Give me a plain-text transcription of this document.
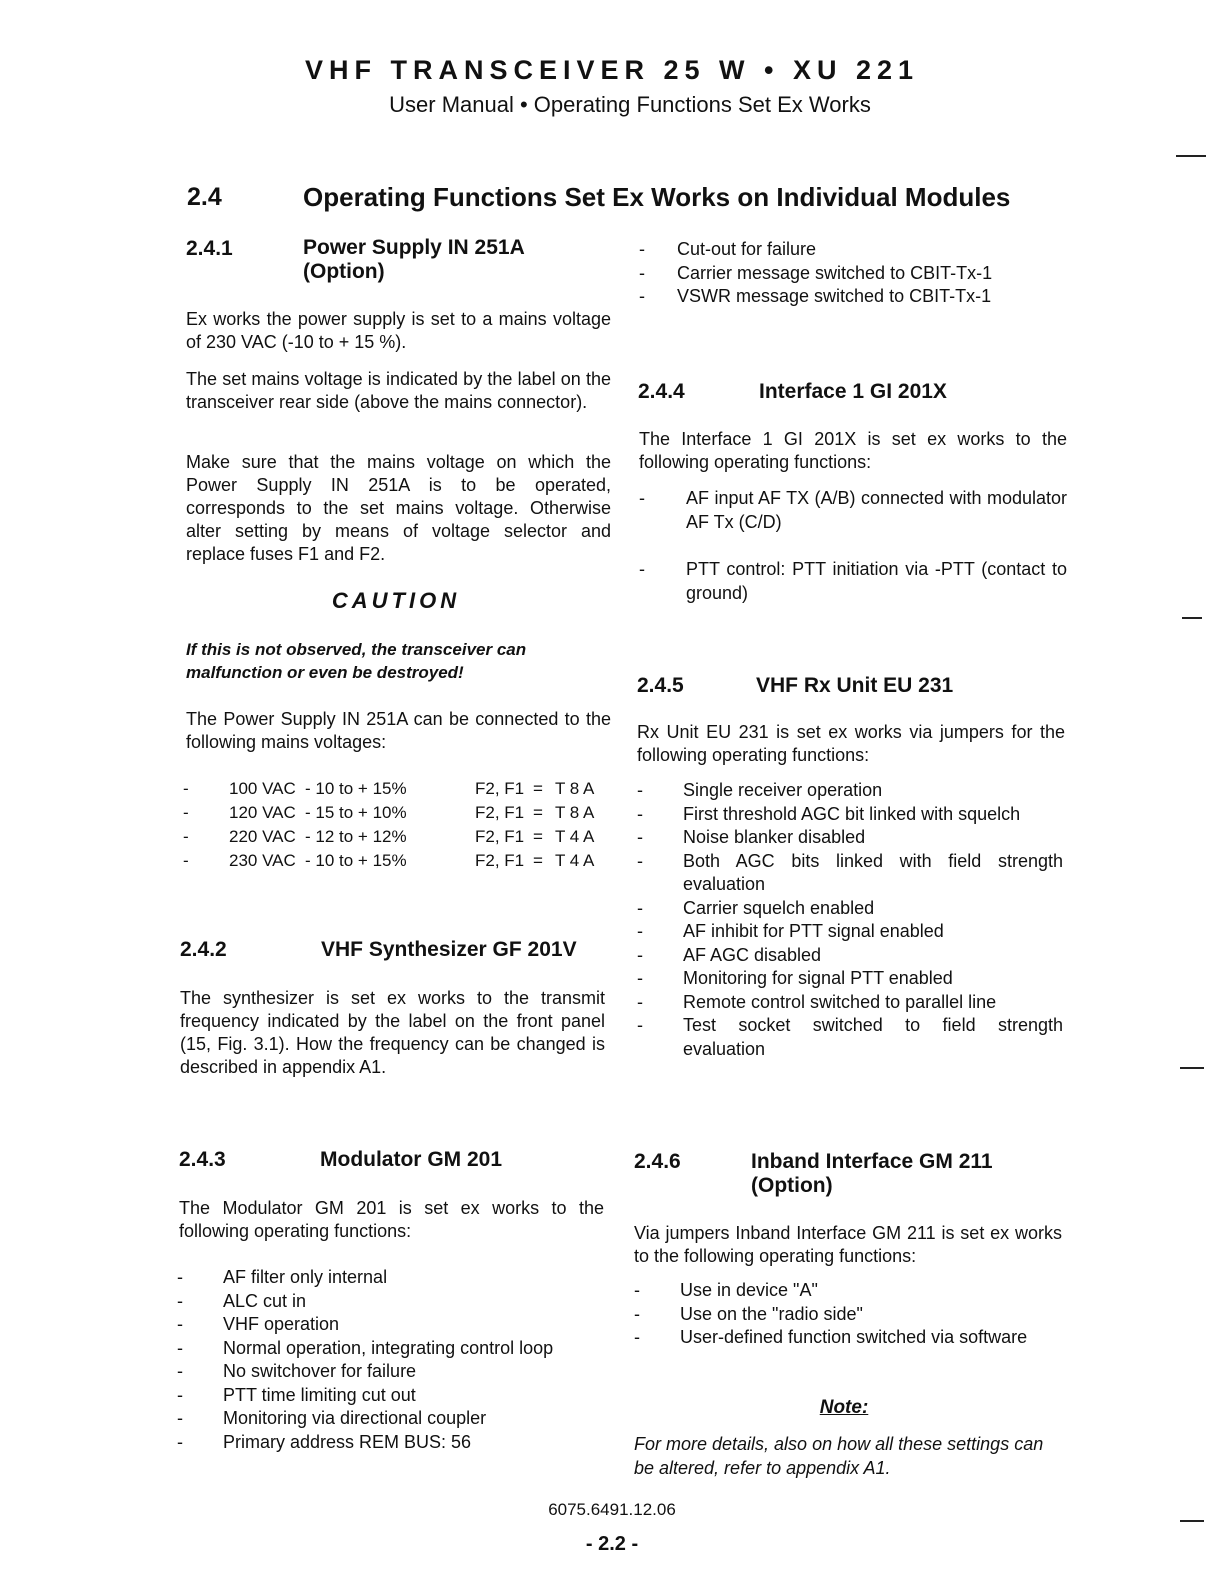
VHF TRANSCEIVER 25 W • XU 221
User Manual • Operating Functions Set Ex Works
2.4	Operating Functions Set Ex Works on Individual Modules
2.4.1	Power Supply IN 251A
(Option)
Ex works the power supply is set to a mains voltage of 230 VAC (-10 to + 15 %).
The set mains voltage is indicated by the label on the transceiver rear side (above the mains connector).
Make sure that the mains voltage on which the Power Supply IN 251A is to be operated, corresponds to the set mains voltage. Otherwise alter setting by means of voltage selector and replace fuses F1 and F2.
CAUTION
If this is not observed, the transceiver can malfunction or even be destroyed!
The Power Supply IN 251A can be connected to the following mains voltages:
-	100 VAC	- 10 to + 15%	F2, F1	=	T 8 A
-	120 VAC	- 15 to + 10%	F2, F1	=	T 8 A
-	220 VAC	- 12 to + 12%	F2, F1	=	T 4 A
-	230 VAC	- 10 to + 15%	F2, F1	=	T 4 A
2.4.2	VHF Synthesizer GF 201V
The synthesizer is set ex works to the transmit frequency indicated by the label on the front panel (15, Fig. 3.1). How the frequency can be changed is described in appendix A1.
2.4.3	Modulator GM 201
The Modulator GM 201 is set ex works to the following operating functions:
- AF filter only internal
- ALC cut in
- VHF operation
- Normal operation, integrating control loop
- No switchover for failure
- PTT time limiting cut out
- Monitoring via directional coupler
- Primary address REM BUS: 56
- Cut-out for failure
- Carrier message switched to CBIT-Tx-1
- VSWR message switched to CBIT-Tx-1
2.4.4	Interface 1 GI 201X
The Interface 1 GI 201X is set ex works to the following operating functions:
- AF input AF TX (A/B) connected with modulator AF Tx (C/D)
- PTT control: PTT initiation via -PTT (contact to ground)
2.4.5	VHF Rx Unit EU 231
Rx Unit EU 231 is set ex works via jumpers for the following operating functions:
- Single receiver operation
- First threshold AGC bit linked with squelch
- Noise blanker disabled
- Both AGC bits linked with field strength evaluation
- Carrier squelch enabled
- AF inhibit for PTT signal enabled
- AF AGC disabled
- Monitoring for signal PTT enabled
- Remote control switched to parallel line
- Test socket switched to field strength evaluation
2.4.6	Inband Interface GM 211
(Option)
Via jumpers Inband Interface GM 211 is set ex works to the following operating functions:
- Use in device "A"
- Use on the "radio side"
- User-defined function switched via software
Note:
For more details, also on how all these settings can be altered, refer to appendix A1.
6075.6491.12.06
- 2.2 -
